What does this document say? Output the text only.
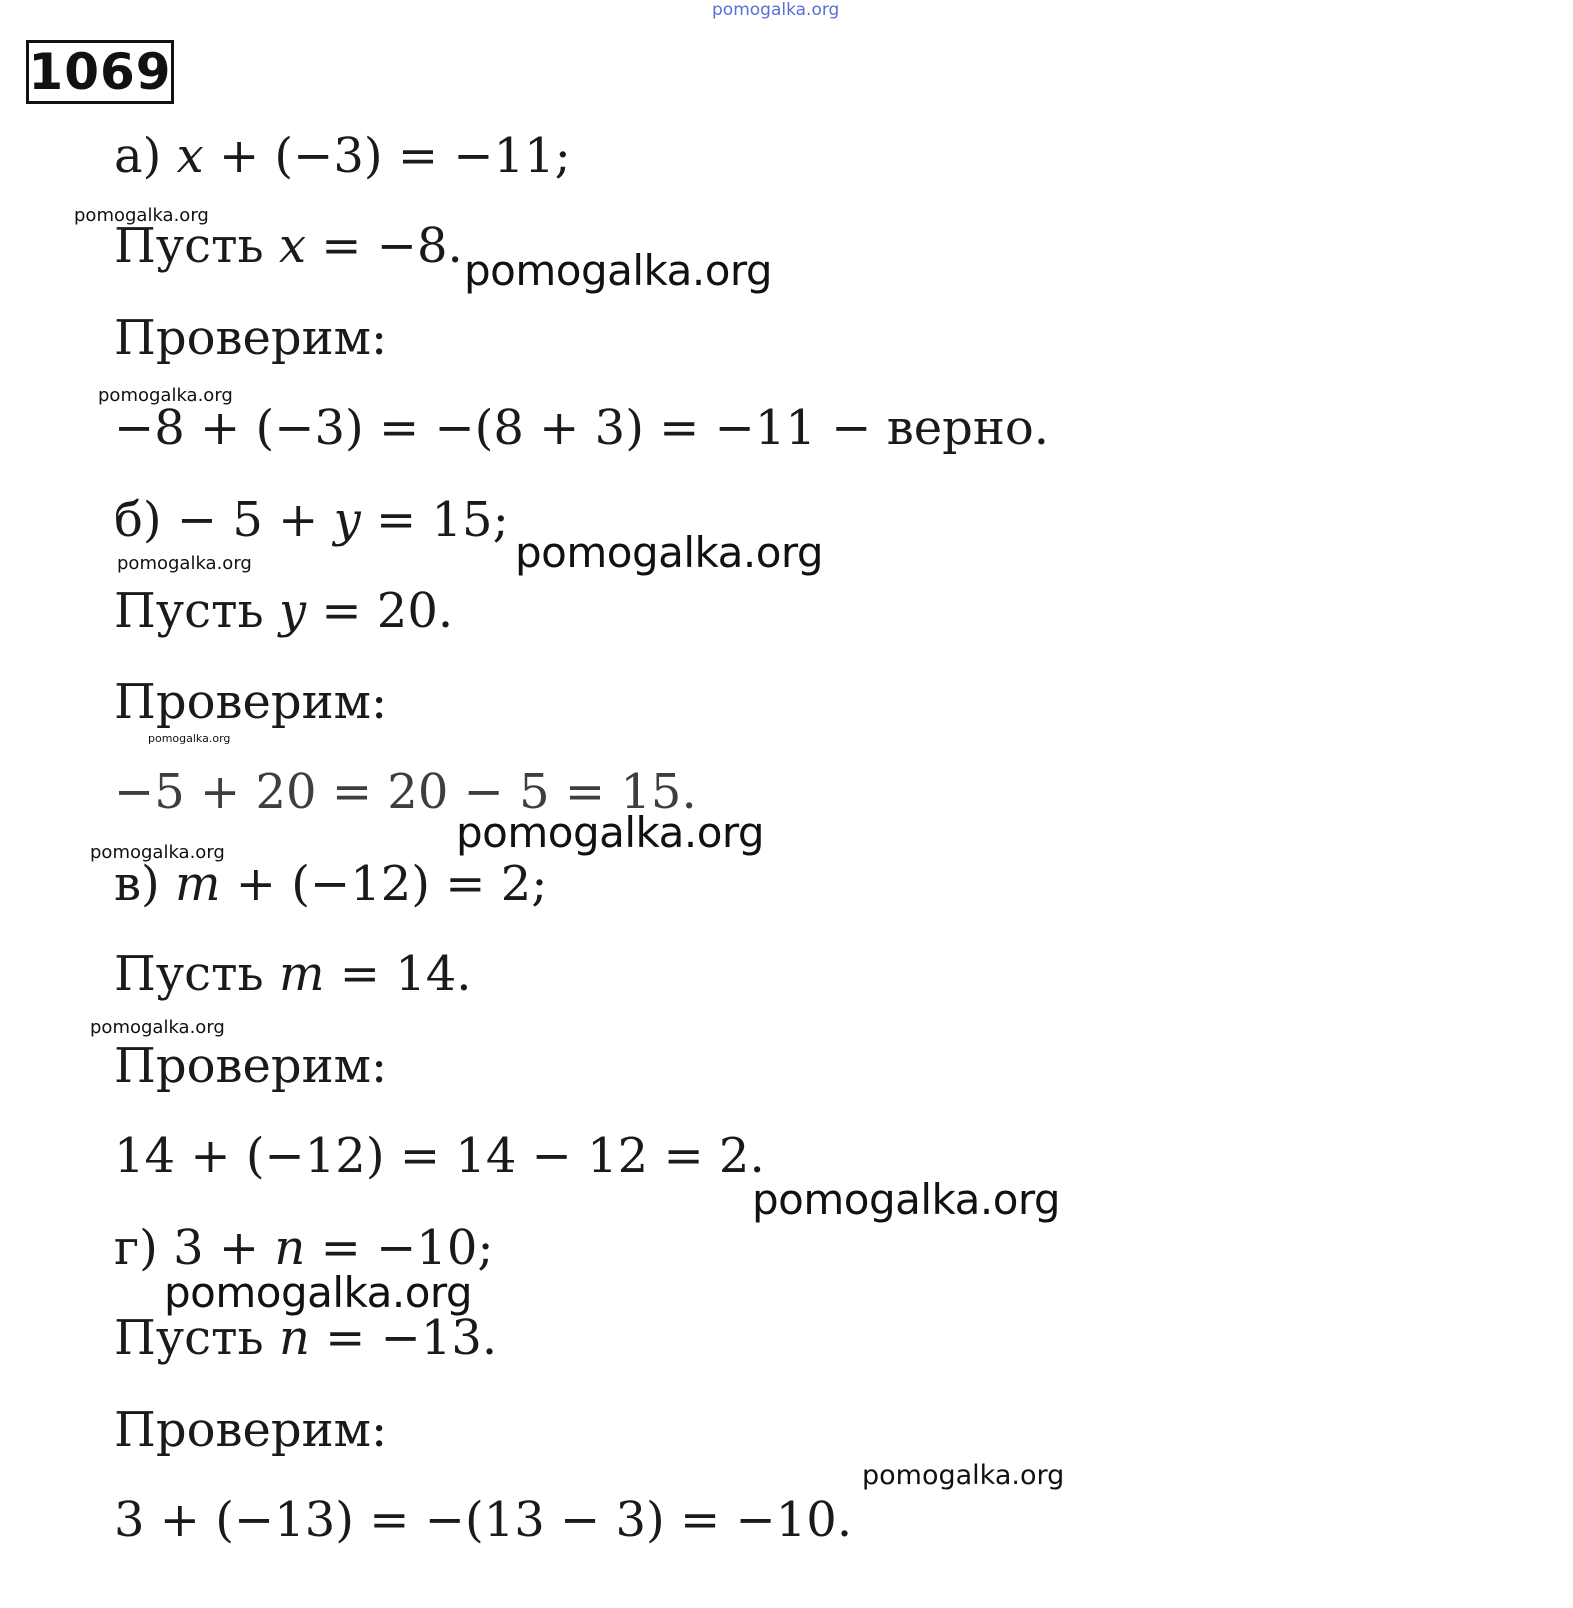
pomogalka.org
pomogalka.org
pomogalka.org
pomogalka.org
pomogalka.org
pomogalka.org
pomogalka.org
pomogalka.org
pomogalka.org
pomogalka.org
pomogalka.org
pomogalka.org
pomogalka.org
1069
а) x + (−3) = −11;
Пусть x = −8.
Проверим:
−8 + (−3) = −(8 + 3) = −11 − верно.
б) − 5 + y = 15;
Пусть y = 20.
Проверим:
−5 + 20 = 20 − 5 = 15.
в) m + (−12) = 2;
Пусть m = 14.
Проверим:
14 + (−12) = 14 − 12 = 2.
г) 3 + n = −10;
Пусть n = −13.
Проверим:
3 + (−13) = −(13 − 3) = −10.
